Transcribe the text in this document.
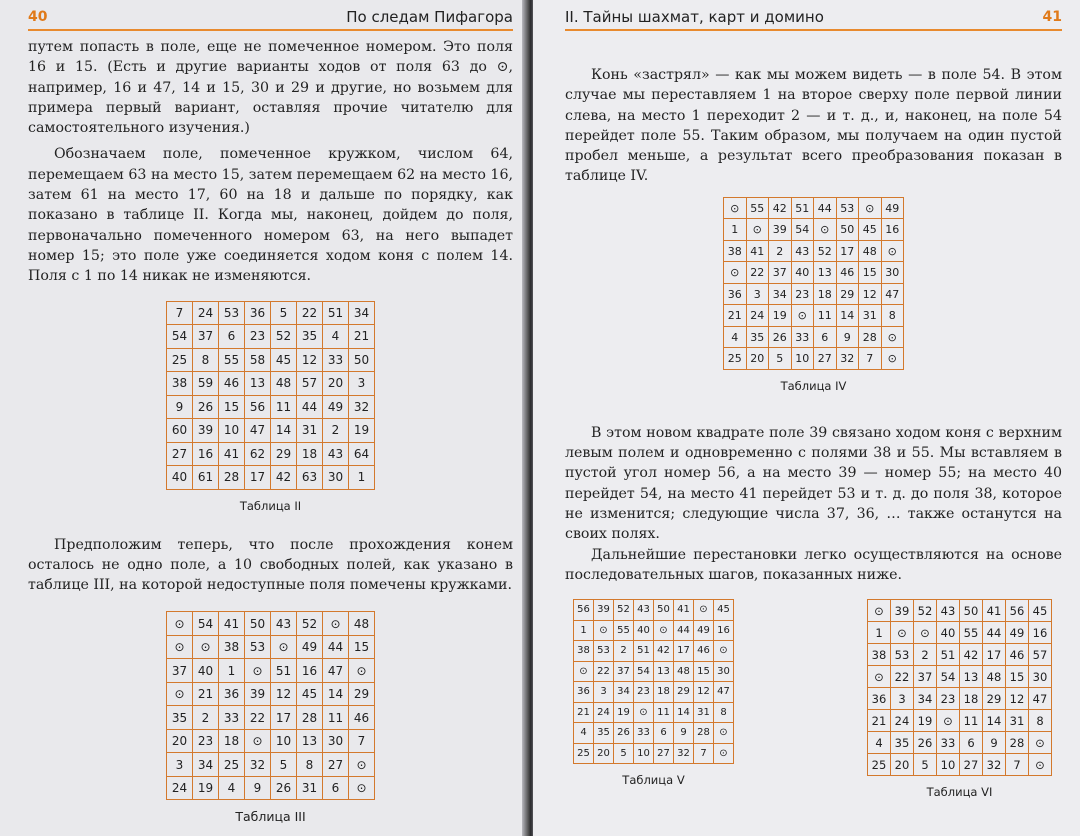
40	По следам Пифагора

путем попасть в поле, еще не помеченное номером. Это поля 16 и 15. (Есть и другие варианты ходов от поля 63 до ⊙, например, 16 и 47, 14 и 15, 30 и 29 и другие, но возьмем для примера первый вариант, оставляя прочие читателю для самостоятельного изучения.)

Обозначаем поле, помеченное кружком, числом 64, перемещаем 63 на место 15, затем перемещаем 62 на место 16, затем 61 на место 17, 60 на 18 и дальше по порядку, как показано в таблице II. Когда мы, наконец, дойдем до поля, первоначально помеченного номером 63, на него выпадет номер 15; это поле уже соединяется ходом коня с полем 14. Поля с 1 по 14 никак не изменяются.

7	24	53	36	5	22	51	34
54	37	6	23	52	35	4	21
25	8	55	58	45	12	33	50
38	59	46	13	48	57	20	3
9	26	15	56	11	44	49	32
60	39	10	47	14	31	2	19
27	16	41	62	29	18	43	64
40	61	28	17	42	63	30	1
Таблица II

Предположим теперь, что после прохождения конем осталось не одно поле, а 10 свободных полей, как указано в таблице III, на которой недоступные поля помечены кружками.

⊙	54	41	50	43	52	⊙	48
⊙	⊙	38	53	⊙	49	44	15
37	40	1	⊙	51	16	47	⊙
⊙	21	36	39	12	45	14	29
35	2	33	22	17	28	11	46
20	23	18	⊙	10	13	30	7
3	34	25	32	5	8	27	⊙
24	19	4	9	26	31	6	⊙
Таблица III
II. Тайны шахмат, карт и домино	41

Конь «застрял» — как мы можем видеть — в поле 54. В этом случае мы переставляем 1 на второе сверху поле первой линии слева, на место 1 переходит 2 — и т. д., и, наконец, на поле 54 перейдет поле 55. Таким образом, мы получаем на один пустой пробел меньше, а результат всего преобразования показан в таблице IV.

⊙	55	42	51	44	53	⊙	49
1	⊙	39	54	⊙	50	45	16
38	41	2	43	52	17	48	⊙
⊙	22	37	40	13	46	15	30
36	3	34	23	18	29	12	47
21	24	19	⊙	11	14	31	8
4	35	26	33	6	9	28	⊙
25	20	5	10	27	32	7	⊙
Таблица IV

В этом новом квадрате поле 39 связано ходом коня с верхним левым полем и одновременно с полями 38 и 55. Мы вставляем в пустой угол номер 56, а на место 39 — номер 55; на место 40 перейдет 54, на место 41 перейдет 53 и т. д. до поля 38, которое не изменится; следующие числа 37, 36, … также останутся на своих полях.

Дальнейшие перестановки легко осуществляются на основе последовательных шагов, показанных ниже.

56	39	52	43	50	41	⊙	45
1	⊙	55	40	⊙	44	49	16
38	53	2	51	42	17	46	⊙
⊙	22	37	54	13	48	15	30
36	3	34	23	18	29	12	47
21	24	19	⊙	11	14	31	8
4	35	26	33	6	9	28	⊙
25	20	5	10	27	32	7	⊙
Таблица V
⊙	39	52	43	50	41	56	45
1	⊙	⊙	40	55	44	49	16
38	53	2	51	42	17	46	57
⊙	22	37	54	13	48	15	30
36	3	34	23	18	29	12	47
21	24	19	⊙	11	14	31	8
4	35	26	33	6	9	28	⊙
25	20	5	10	27	32	7	⊙
Таблица VI
